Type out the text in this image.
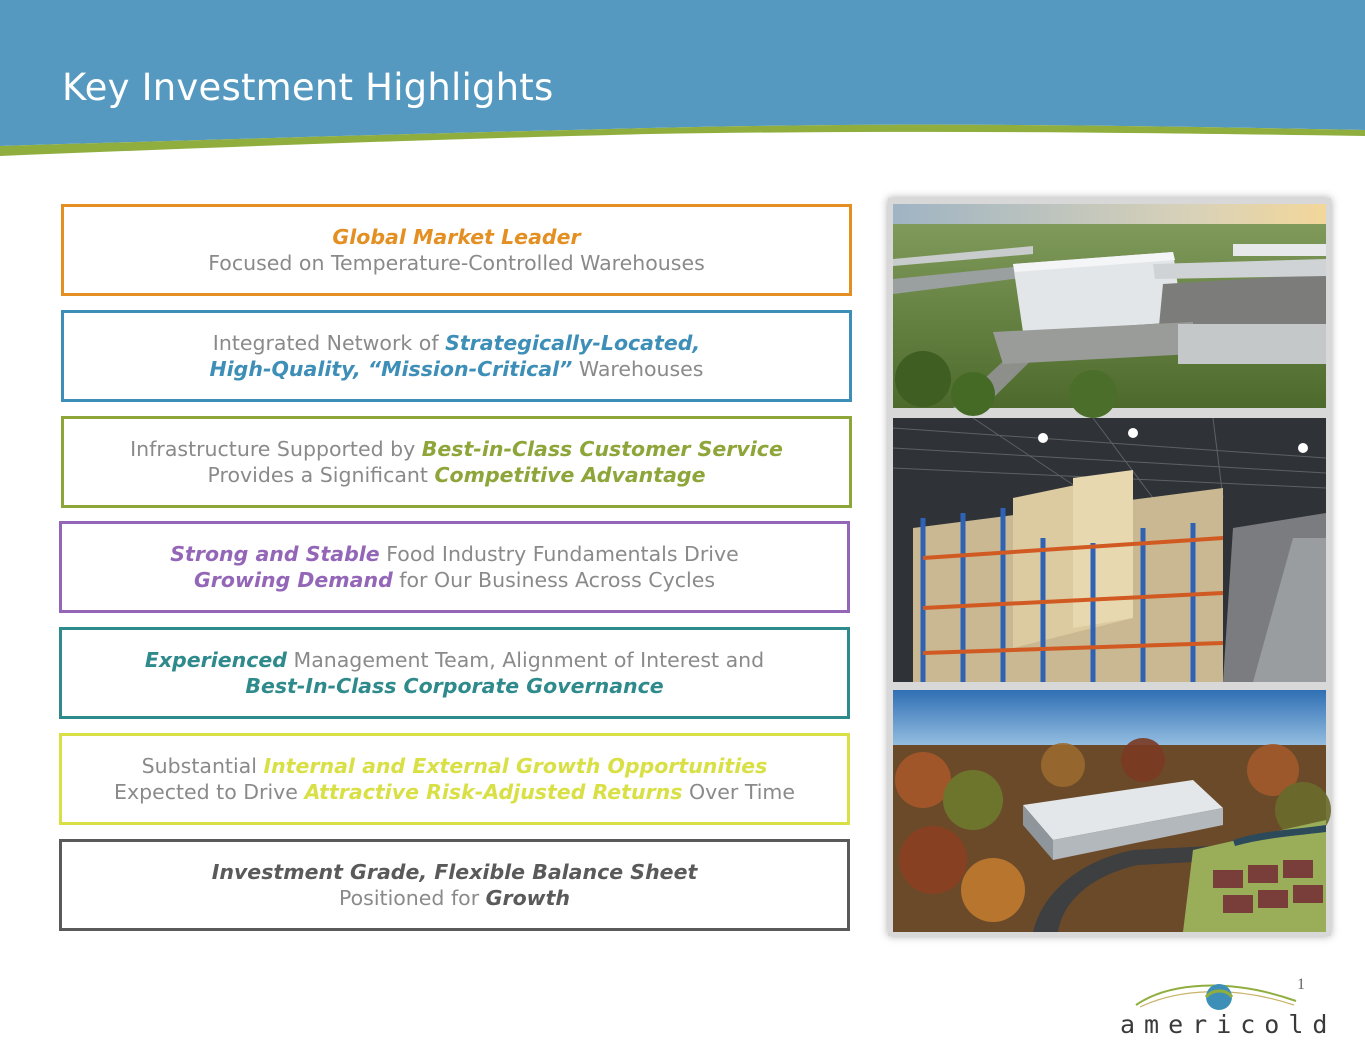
Key Investment Highlights
Global Market Leader
Focused on Temperature-Controlled Warehouses
Integrated Network of Strategically-Located,
High-Quality, “Mission-Critical” Warehouses
Infrastructure Supported by Best-in-Class Customer Service
Provides a Significant Competitive Advantage
Strong and Stable Food Industry Fundamentals Drive
Growing Demand for Our Business Across Cycles
Experienced Management Team, Alignment of Interest and
Best-In-Class Corporate Governance
Substantial Internal and External Growth Opportunities
Expected to Drive Attractive Risk-Adjusted Returns Over Time
Investment Grade, Flexible Balance Sheet
Positioned for Growth
1
americold
